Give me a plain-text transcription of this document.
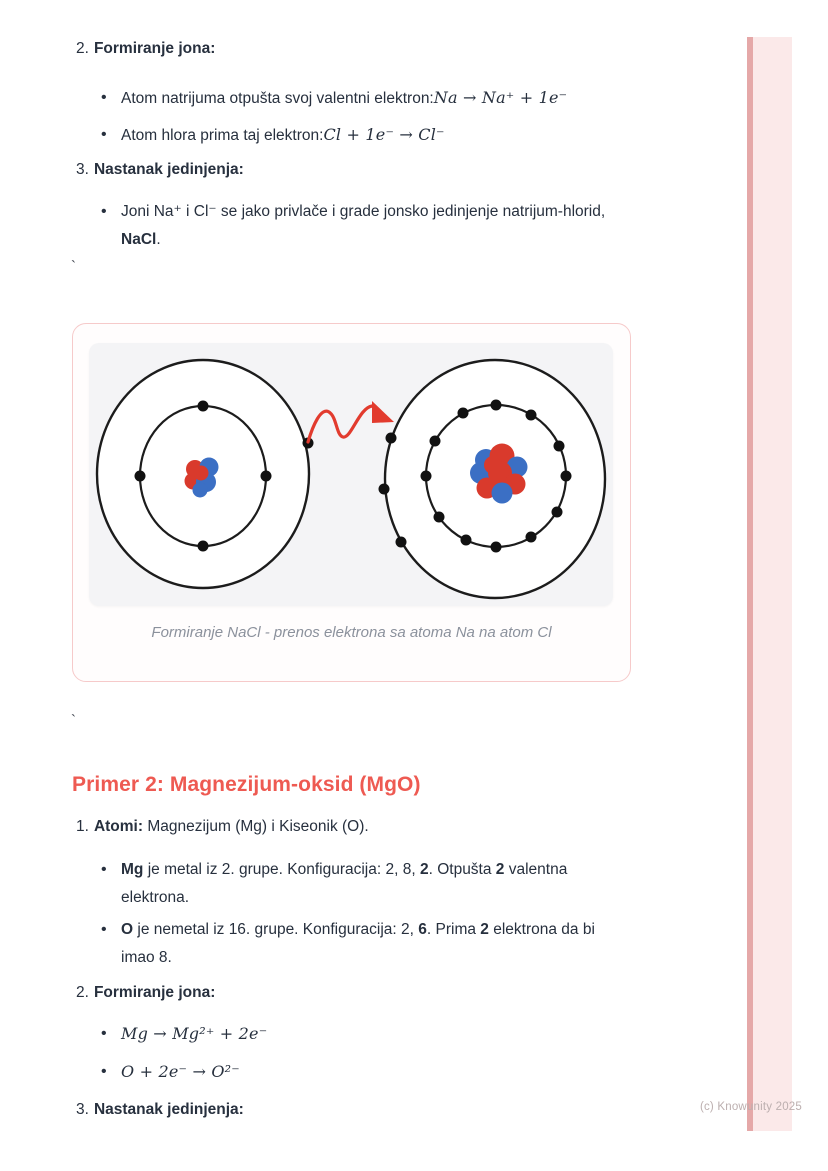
2. Formiranje jona:
• Atom natrijuma otpušta svoj valentni elektron:Na → Na⁺ + 1e⁻
• Atom hlora prima taj elektron:Cl + 1e⁻ → Cl⁻
3. Nastanak jedinjenja:
• Joni Na⁺ i Cl⁻ se jako privlače i grade jonsko jedinjenje natrijum-hlorid,
NaCl.
`
Formiranje NaCl - prenos elektrona sa atoma Na na atom Cl
`
Primer 2: Magnezijum-oksid (MgO)
1. Atomi: Magnezijum (Mg) i Kiseonik (O).
• Mg je metal iz 2. grupe. Konfiguracija: 2, 8, 2. Otpušta 2 valentna
elektrona.
• O je nemetal iz 16. grupe. Konfiguracija: 2, 6. Prima 2 elektrona da bi
imao 8.
2. Formiranje jona:
• Mg → Mg²⁺ + 2e⁻
• O + 2e⁻ → O²⁻
3. Nastanak jedinjenja:	(c) Knowunity 2025
